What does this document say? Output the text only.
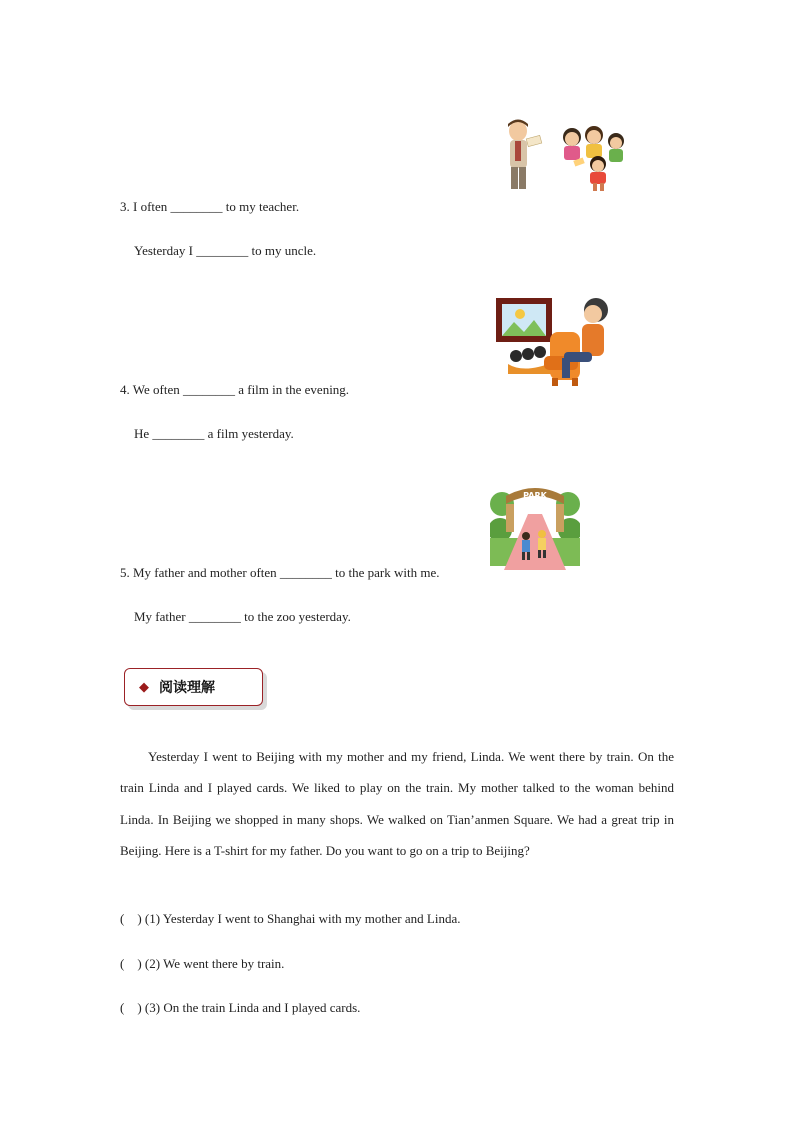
3. I often ________ to my teacher.
Yesterday I ________ to my uncle.
4. We often ________ a film in the evening.
He ________ a film yesterday.
PARK
5. My father and mother often ________ to the park with me.
My father ________ to the zoo yesterday.
◆ 阅读理解
Yesterday I went to Beijing with my mother and my friend, Linda. We went there by train. On the train Linda and I played cards. We liked to play on the train. My mother talked to the woman behind Linda. In Beijing we shopped in many shops. We walked on Tian’anmen Square. We had a great trip in Beijing. Here is a T-shirt for my father. Do you want to go on a trip to Beijing?
(    ) (1) Yesterday I went to Shanghai with my mother and Linda.
(    ) (2) We went there by train.
(    ) (3) On the train Linda and I played cards.
